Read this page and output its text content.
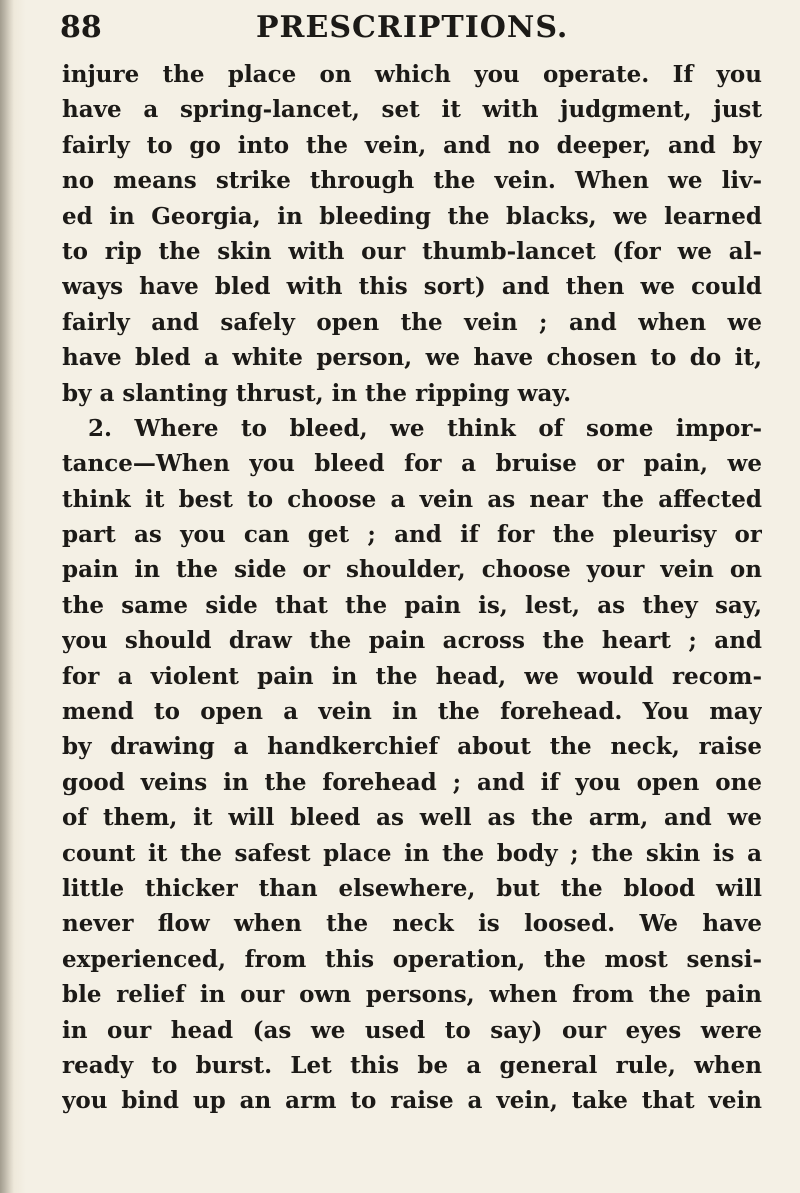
88	PRESCRIPTIONS.
injure the place on which you operate. If you
have a spring-lancet, set it with judgment, just
fairly to go into the vein, and no deeper, and by
no means strike through the vein. When we liv-
ed in Georgia, in bleeding the blacks, we learned
to rip the skin with our thumb-lancet (for we al-
ways have bled with this sort) and then we could
fairly and safely open the vein ; and when we
have bled a white person, we have chosen to do it,
by a slanting thrust, in the ripping way.
2. Where to bleed, we think of some impor-
tance—When you bleed for a bruise or pain, we
think it best to choose a vein as near the affected
part as you can get ; and if for the pleurisy or
pain in the side or shoulder, choose your vein on
the same side that the pain is, lest, as they say,
you should draw the pain across the heart ; and
for a violent pain in the head, we would recom-
mend to open a vein in the forehead. You may
by drawing a handkerchief about the neck, raise
good veins in the forehead ; and if you open one
of them, it will bleed as well as the arm, and we
count it the safest place in the body ; the skin is a
little thicker than elsewhere, but the blood will
never flow when the neck is loosed. We have
experienced, from this operation, the most sensi-
ble relief in our own persons, when from the pain
in our head (as we used to say) our eyes were
ready to burst. Let this be a general rule, when
you bind up an arm to raise a vein, take that vein
